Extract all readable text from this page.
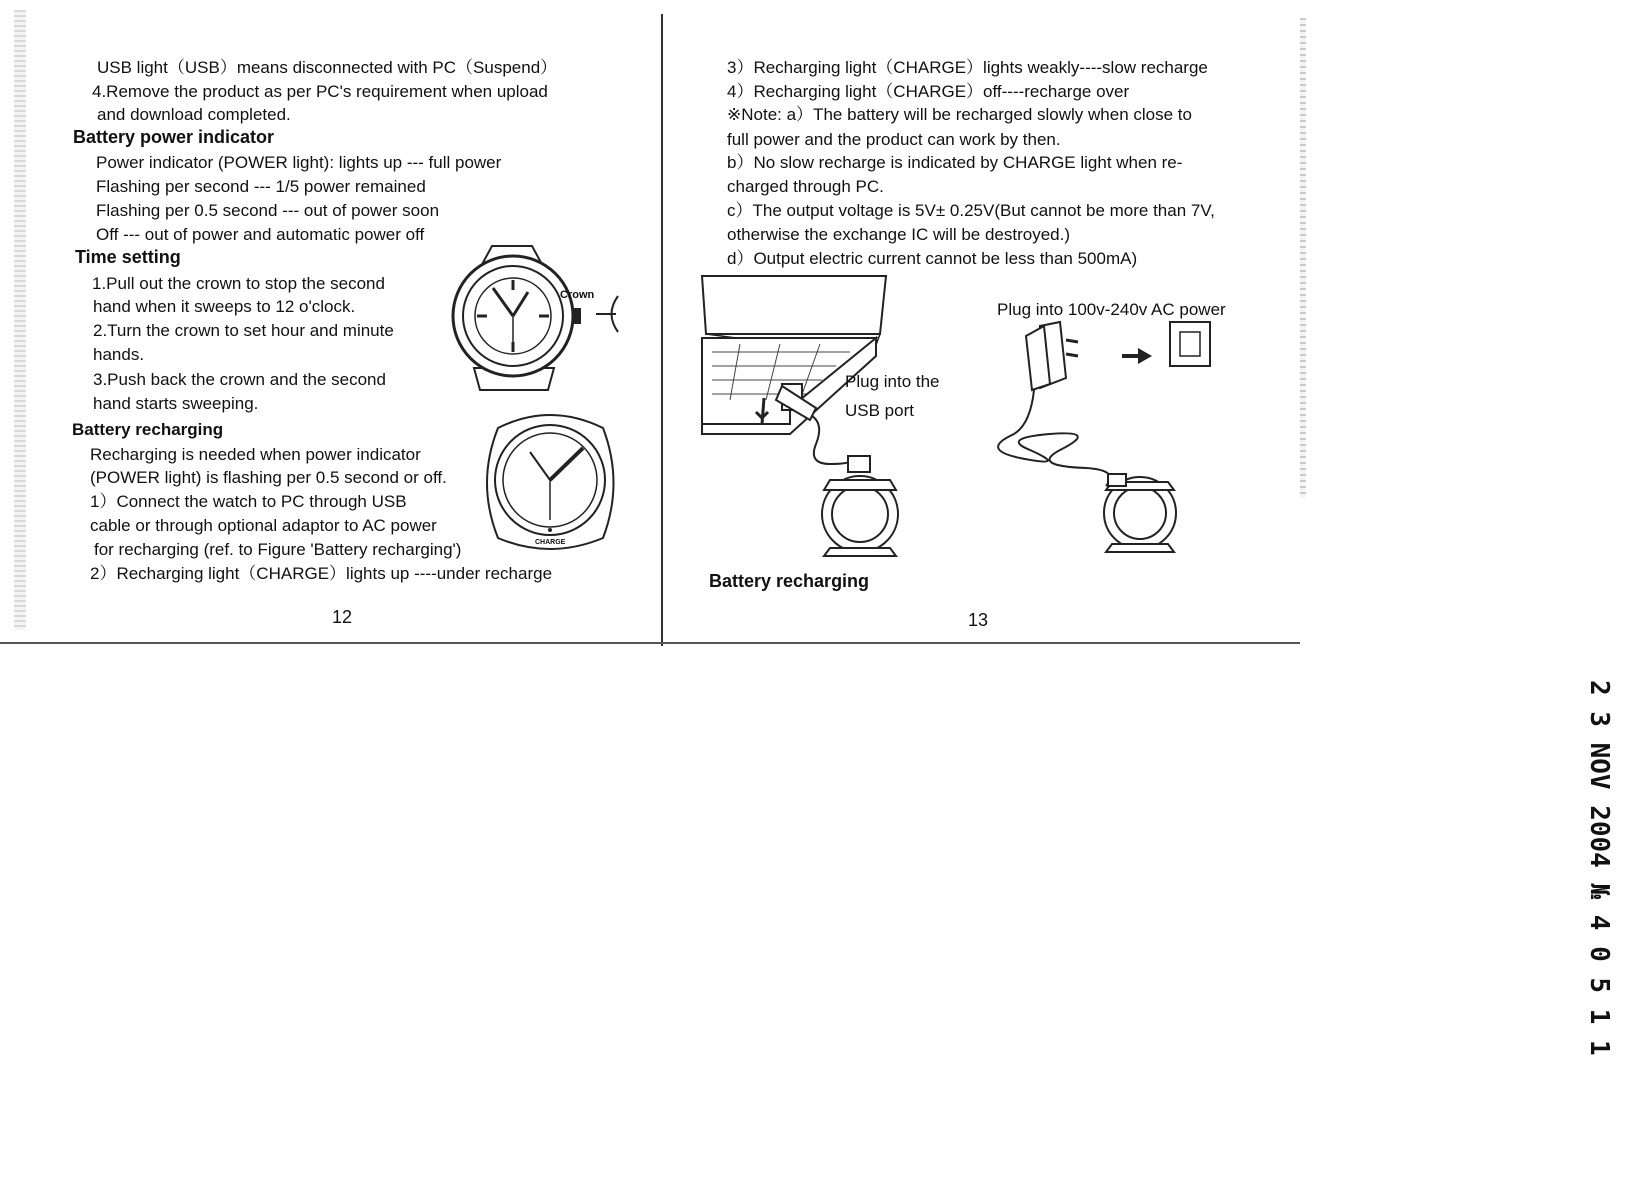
USB light（USB）means disconnected with PC（Suspend）
4.Remove the product as per PC's requirement when upload
and download completed.
Battery power indicator
Power indicator (POWER light): lights up --- full power
Flashing per second --- 1/5 power remained
Flashing per 0.5 second --- out of power soon
Off --- out of power and automatic power off
Time setting
1.Pull out the crown to stop the second
hand when it sweeps to 12 o'clock.
2.Turn the crown to set hour and minute
hands.
3.Push back the crown and the second
hand starts sweeping.
Crown
Battery recharging
Recharging is needed when power indicator
(POWER light) is flashing per 0.5 second or off.
1）Connect the watch to PC through USB
cable or through optional adaptor to AC power
for recharging (ref. to Figure 'Battery recharging')
2）Recharging light（CHARGE）lights up ----under recharge
CHARGE
12
3）Recharging light（CHARGE）lights weakly----slow recharge
4）Recharging light（CHARGE）off----recharge over
※Note: a）The battery will be recharged slowly when close to
full power and the product can work by then.
b）No slow recharge is indicated by CHARGE light when re-
charged through PC.
c）The output voltage is 5V± 0.25V(But cannot be more than 7V,
otherwise the exchange IC will be destroyed.)
d）Output electric current cannot be less than 500mA)
Plug into the
USB port
Plug into 100v-240v AC power
Battery recharging
13
2 3 NOV 2004 № 4 0 5 1 1
